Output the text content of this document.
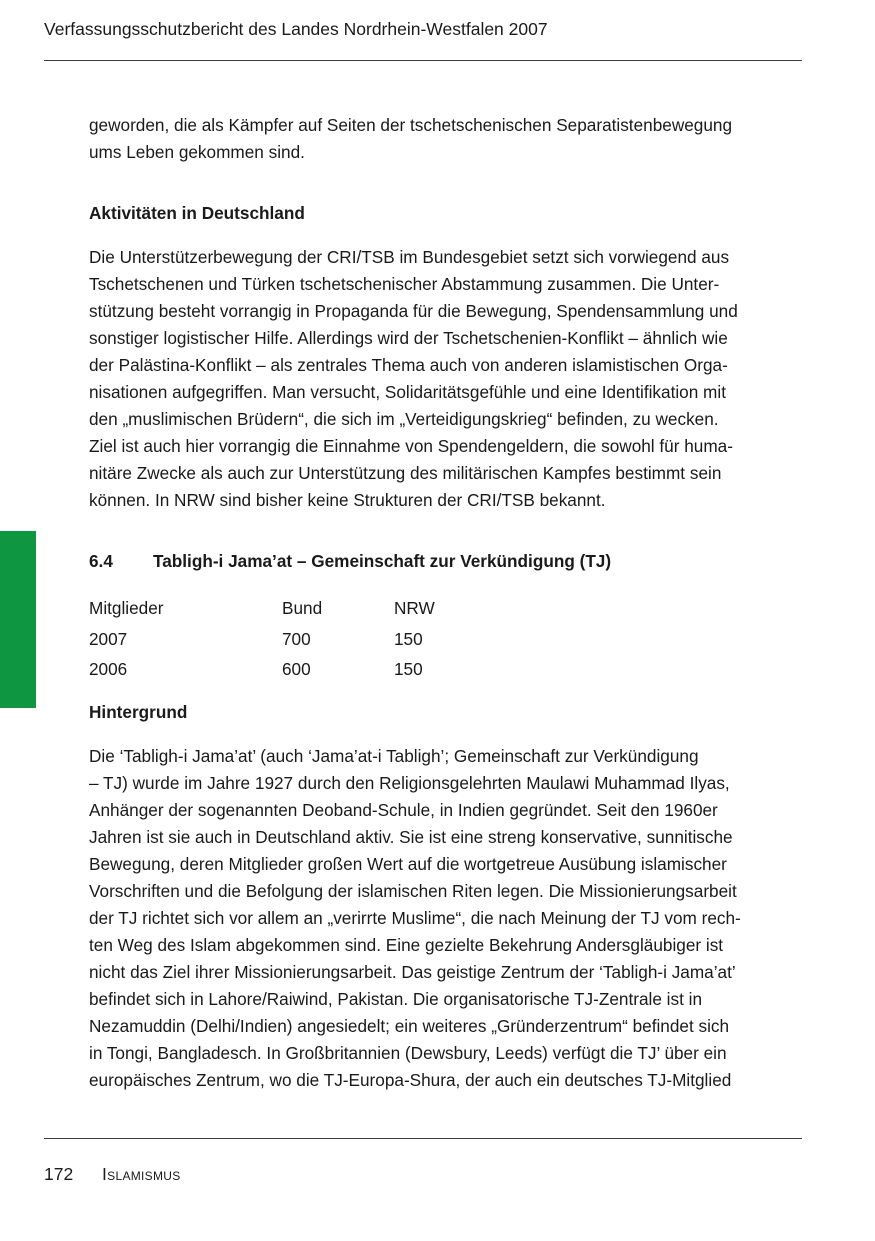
Verfassungsschutzbericht des Landes Nordrhein-Westfalen 2007

geworden, die als Kämpfer auf Seiten der tschetschenischen Separatistenbewegung
ums Leben gekommen sind.

Aktivitäten in Deutschland

Die Unterstützerbewegung der CRI/TSB im Bundesgebiet setzt sich vorwiegend aus
Tschetschenen und Türken tschetschenischer Abstammung zusammen. Die Unter-
stützung besteht vorrangig in Propaganda für die Bewegung, Spendensammlung und
sonstiger logistischer Hilfe. Allerdings wird der Tschetschenien-Konflikt – ähnlich wie
der Palästina-Konflikt – als zentrales Thema auch von anderen islamistischen Orga-
nisationen aufgegriffen. Man versucht, Solidaritätsgefühle und eine Identifikation mit
den „muslimischen Brüdern“, die sich im „Verteidigungskrieg“ befinden, zu wecken.
Ziel ist auch hier vorrangig die Einnahme von Spendengeldern, die sowohl für huma-
nitäre Zwecke als auch zur Unterstützung des militärischen Kampfes bestimmt sein
können. In NRW sind bisher keine Strukturen der CRI/TSB bekannt.

6.4 Tabligh-i Jama’at – Gemeinschaft zur Verkündigung (TJ)

Mitglieder	Bund	NRW
2007	700	150
2006	600	150

Hintergrund

Die ‘Tabligh-i Jama’at’ (auch ‘Jama’at-i Tabligh’; Gemeinschaft zur Verkündigung
– TJ) wurde im Jahre 1927 durch den Religionsgelehrten Maulawi Muhammad Ilyas,
Anhänger der sogenannten Deoband-Schule, in Indien gegründet. Seit den 1960er
Jahren ist sie auch in Deutschland aktiv. Sie ist eine streng konservative, sunnitische
Bewegung, deren Mitglieder großen Wert auf die wortgetreue Ausübung islamischer
Vorschriften und die Befolgung der islamischen Riten legen. Die Missionierungsarbeit
der TJ richtet sich vor allem an „verirrte Muslime“, die nach Meinung der TJ vom rech-
ten Weg des Islam abgekommen sind. Eine gezielte Bekehrung Andersgläubiger ist
nicht das Ziel ihrer Missionierungsarbeit. Das geistige Zentrum der ‘Tabligh-i Jama’at’
befindet sich in Lahore/Raiwind, Pakistan. Die organisatorische TJ-Zentrale ist in
Nezamuddin (Delhi/Indien) angesiedelt; ein weiteres „Gründerzentrum“ befindet sich
in Tongi, Bangladesch. In Großbritannien (Dewsbury, Leeds) verfügt die TJ’ über ein
europäisches Zentrum, wo die TJ-Europa-Shura, der auch ein deutsches TJ-Mitglied

172 Islamismus
